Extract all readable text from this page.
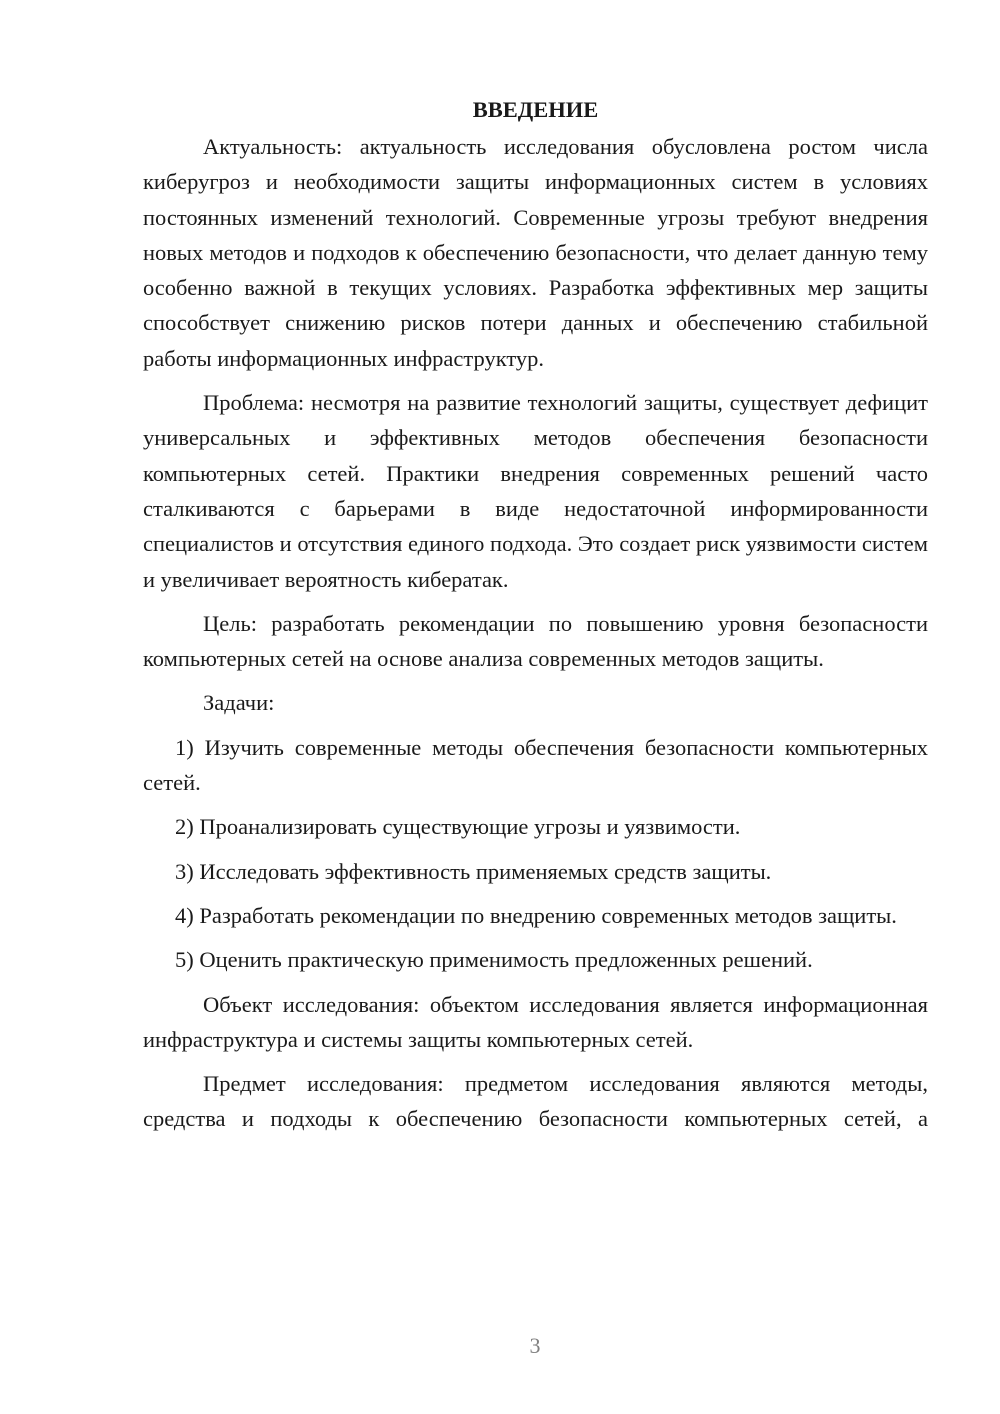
ВВЕДЕНИЕ

Актуальность: актуальность исследования обусловлена ростом числа киберугроз и необходимости защиты информационных систем в условиях постоянных изменений технологий. Современные угрозы требуют внедрения новых методов и подходов к обеспечению безопасности, что делает данную тему особенно важной в текущих условиях. Разработка эффективных мер защиты способствует снижению рисков потери данных и обеспечению стабильной работы информационных инфраструктур.

Проблема: несмотря на развитие технологий защиты, существует дефицит универсальных и эффективных методов обеспечения безопасности компьютерных сетей. Практики внедрения современных решений часто сталкиваются с барьерами в виде недостаточной информированности специалистов и отсутствия единого подхода. Это создает риск уязвимости систем и увеличивает вероятность кибератак.

Цель: разработать рекомендации по повышению уровня безопасности компьютерных сетей на основе анализа современных методов защиты.

Задачи:

1) Изучить современные методы обеспечения безопасности компьютерных сетей.

2) Проанализировать существующие угрозы и уязвимости.

3) Исследовать эффективность применяемых средств защиты.

4) Разработать рекомендации по внедрению современных методов защиты.

5) Оценить практическую применимость предложенных решений.

Объект исследования: объектом исследования является информационная инфраструктура и системы защиты компьютерных сетей.

Предмет исследования: предметом исследования являются методы, средства и подходы к обеспечению безопасности компьютерных сетей, а

3
